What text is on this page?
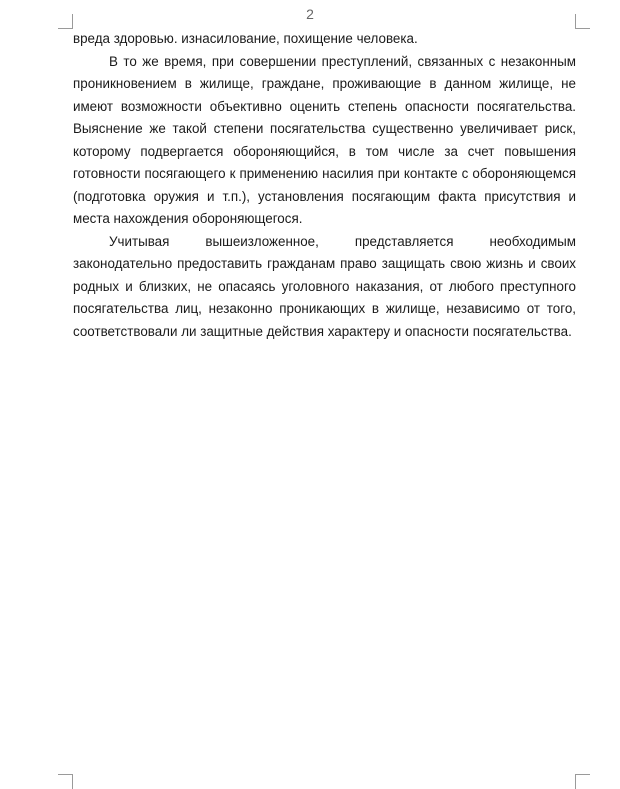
2

вреда здоровью. изнасилование, похищение человека.

В то же время, при совершении преступлений, связанных с незаконным проникновением в жилище, граждане, проживающие в данном жилище, не имеют возможности объективно оценить степень опасности посягательства. Выяснение же такой степени посягательства существенно увеличивает риск, которому подвергается обороняющийся, в том числе за счет повышения готовности посягающего к применению насилия при контакте с обороняющемся (подготовка оружия и т.п.), установления посягающим факта присутствия и места нахождения обороняющегося.

Учитывая вышеизложенное, представляется необходимым законодательно предоставить гражданам право защищать свою жизнь и своих родных и близких, не опасаясь уголовного наказания, от любого преступного посягательства лиц, незаконно проникающих в жилище, независимо от того, соответствовали ли защитные действия характеру и опасности посягательства.
